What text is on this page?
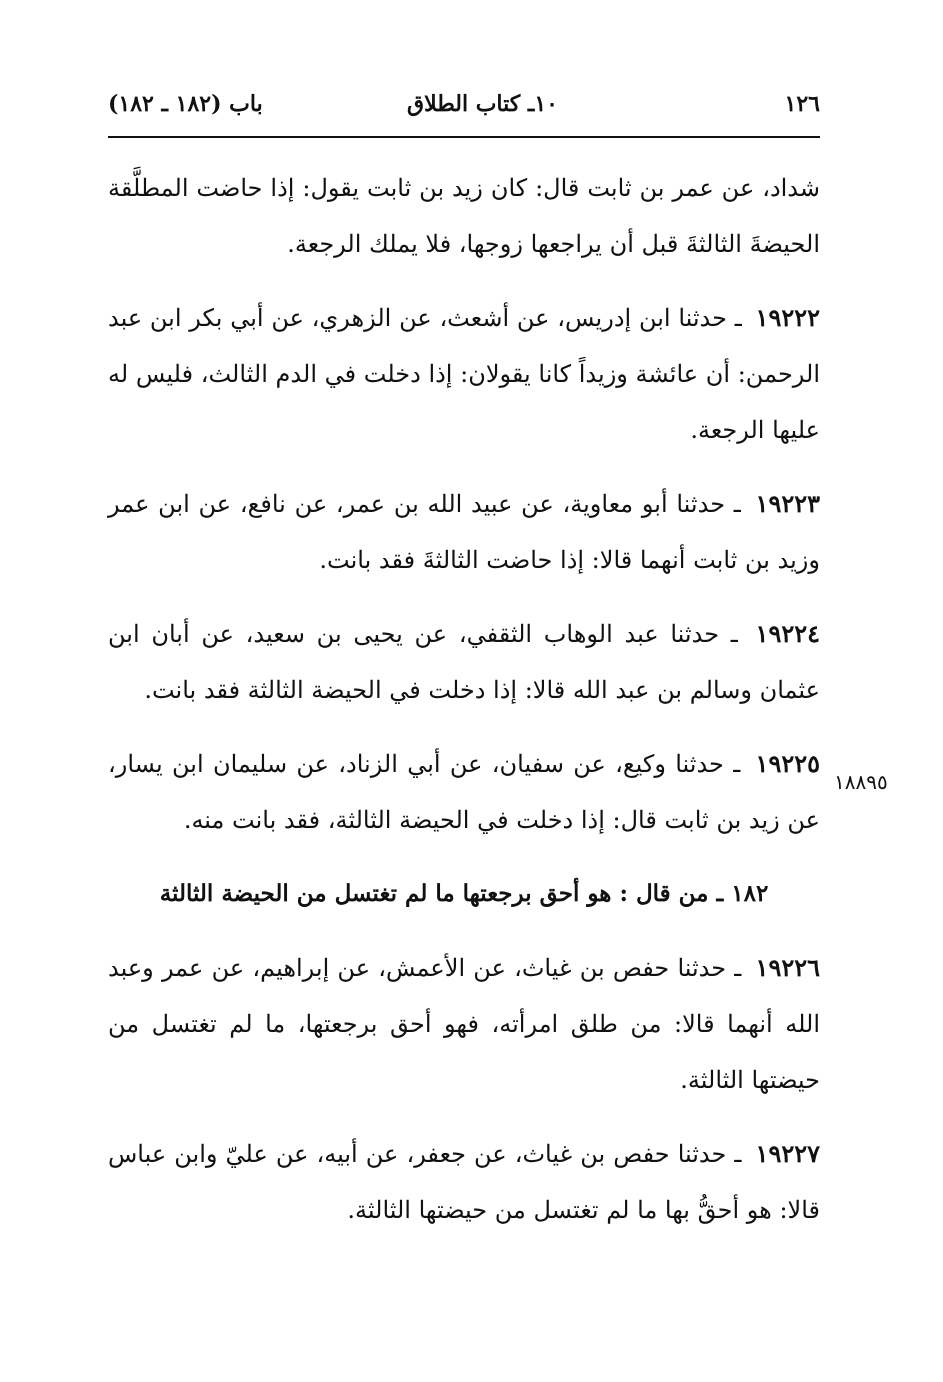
١٢٦
١٠ـ كتاب الطلاق
باب (١٨٢ ـ ١٨٢)
١٨٨٩٥

شداد، عن عمر بن ثابت قال: كان زيد بن ثابت يقول: إذا حاضت المطلَّقة الحيضةَ الثالثةَ قبل أن يراجعها زوجها، فلا يملك الرجعة.

١٩٢٢٢ ـ حدثنا ابن إدريس، عن أشعث، عن الزهري، عن أبي بكر ابن عبد الرحمن: أن عائشة وزيداً كانا يقولان: إذا دخلت في الدم الثالث، فليس له عليها الرجعة.

١٩٢٢٣ ـ حدثنا أبو معاوية، عن عبيد الله بن عمر، عن نافع، عن ابن عمر وزيد بن ثابت أنهما قالا: إذا حاضت الثالثةَ فقد بانت.

١٩٢٢٤ ـ حدثنا عبد الوهاب الثقفي، عن يحيى بن سعيد، عن أبان ابن عثمان وسالم بن عبد الله قالا: إذا دخلت في الحيضة الثالثة فقد بانت.

١٩٢٢٥ ـ حدثنا وكيع، عن سفيان، عن أبي الزناد، عن سليمان ابن يسار، عن زيد بن ثابت قال: إذا دخلت في الحيضة الثالثة، فقد بانت منه.

١٨٢ ـ من قال : هو أحق برجعتها ما لم تغتسل من الحيضة الثالثة

١٩٢٢٦ ـ حدثنا حفص بن غياث، عن الأعمش، عن إبراهيم، عن عمر وعبد الله أنهما قالا: من طلق امرأته، فهو أحق برجعتها، ما لم تغتسل من حيضتها الثالثة.

١٩٢٢٧ ـ حدثنا حفص بن غياث، عن جعفر، عن أبيه، عن عليّ وابن عباس قالا: هو أحقُّ بها ما لم تغتسل من حيضتها الثالثة.
